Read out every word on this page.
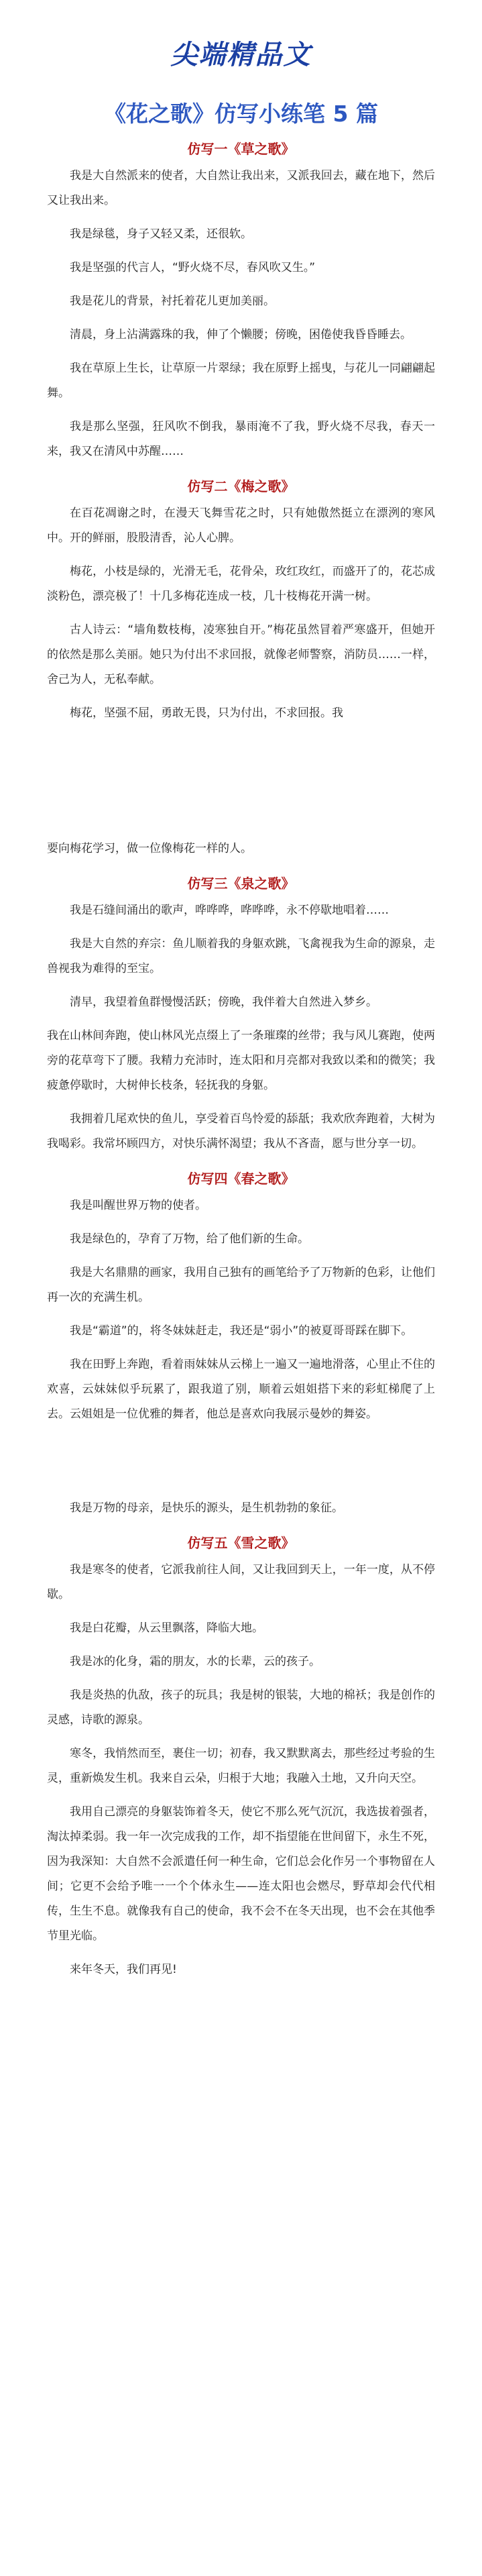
尖端精品文
《花之歌》仿写小练笔 5 篇
仿写一《草之歌》

我是大自然派来的使者，大自然让我出来，又派我回去，藏在地下，然后又让我出来。

我是绿毯，身子又轻又柔，还很软。

我是坚强的代言人，“野火烧不尽，春风吹又生。”

我是花儿的背景，衬托着花儿更加美丽。

清晨，身上沾满露珠的我，伸了个懒腰；傍晚，困倦使我昏昏睡去。

我在草原上生长，让草原一片翠绿；我在原野上摇曳，与花儿一同翩翩起舞。

我是那么坚强，狂风吹不倒我，暴雨淹不了我，野火烧不尽我，春天一来，我又在清风中苏醒……

仿写二《梅之歌》

在百花凋谢之时，在漫天飞舞雪花之时，只有她傲然挺立在漂洌的寒风中。开的鲜丽，股股清香，沁人心脾。

梅花，小枝是绿的，光滑无毛，花骨朵，玫红玫红，而盛开了的，花芯成淡粉色，漂亮极了！十几多梅花连成一枝，几十枝梅花开满一树。

古人诗云：“墙角数枝梅，凌寒独自开。”梅花虽然冒着严寒盛开，但她开的依然是那么美丽。她只为付出不求回报，就像老师警察，消防员……一样，舍己为人，无私奉献。

梅花，坚强不屈，勇敢无畏，只为付出，不求回报。我

要向梅花学习，做一位像梅花一样的人。

仿写三《泉之歌》

我是石缝间涌出的歌声，哗哗哗，哗哗哗，永不停歇地唱着……

我是大自然的弃宗：鱼儿顺着我的身躯欢跳，飞禽视我为生命的源泉，走兽视我为难得的至宝。

清早，我望着鱼群慢慢活跃；傍晚，我伴着大自然进入梦乡。

我在山林间奔跑，使山林风光点缀上了一条璀璨的丝带；我与风儿赛跑，使两旁的花草弯下了腰。我精力充沛时，连太阳和月亮都对我致以柔和的微笑；我疲惫停歇时，大树伸长枝条，轻抚我的身躯。

我拥着几尾欢快的鱼儿，享受着百鸟怜爱的舔舐；我欢欣奔跑着，大树为我喝彩。我常坏顾四方，对快乐满怀渴望；我从不吝啬，愿与世分享一切。

仿写四《春之歌》

我是叫醒世界万物的使者。

我是绿色的，孕育了万物，给了他们新的生命。

我是大名鼎鼎的画家，我用自己独有的画笔给予了万物新的色彩，让他们再一次的充满生机。

我是“霸道”的，将冬妹妹赶走，我还是“弱小”的被夏哥哥踩在脚下。

我在田野上奔跑，看着雨妹妹从云梯上一遍又一遍地滑落，心里止不住的欢喜，云妹妹似乎玩累了，跟我道了别，顺着云姐姐搭下来的彩虹梯爬了上去。云姐姐是一位优雅的舞者，他总是喜欢向我展示曼妙的舞姿。

我是万物的母亲，是快乐的源头，是生机勃勃的象征。

仿写五《雪之歌》

我是寒冬的使者，它派我前往人间，又让我回到天上，一年一度，从不停歇。

我是白花瓣，从云里飘落，降临大地。

我是冰的化身，霜的朋友，水的长辈，云的孩子。

我是炎热的仇敌，孩子的玩具；我是树的银装，大地的棉袄；我是创作的灵感，诗歌的源泉。

寒冬，我悄然而至，裹住一切；初春，我又默默离去，那些经过考验的生灵，重新焕发生机。我来自云朵，归根于大地；我融入土地，又升向天空。

我用自己漂亮的身躯装饰着冬天，使它不那么死气沉沉，我选拔着强者，淘汰掉柔弱。我一年一次完成我的工作，却不指望能在世间留下，永生不死，因为我深知：大自然不会派遣任何一种生命，它们总会化作另一个事物留在人间；它更不会给予唯一一个个体永生——连太阳也会燃尽，野草却会代代相传，生生不息。就像我有自己的使命，我不会不在冬天出现，也不会在其他季节里光临。

来年冬天，我们再见!
